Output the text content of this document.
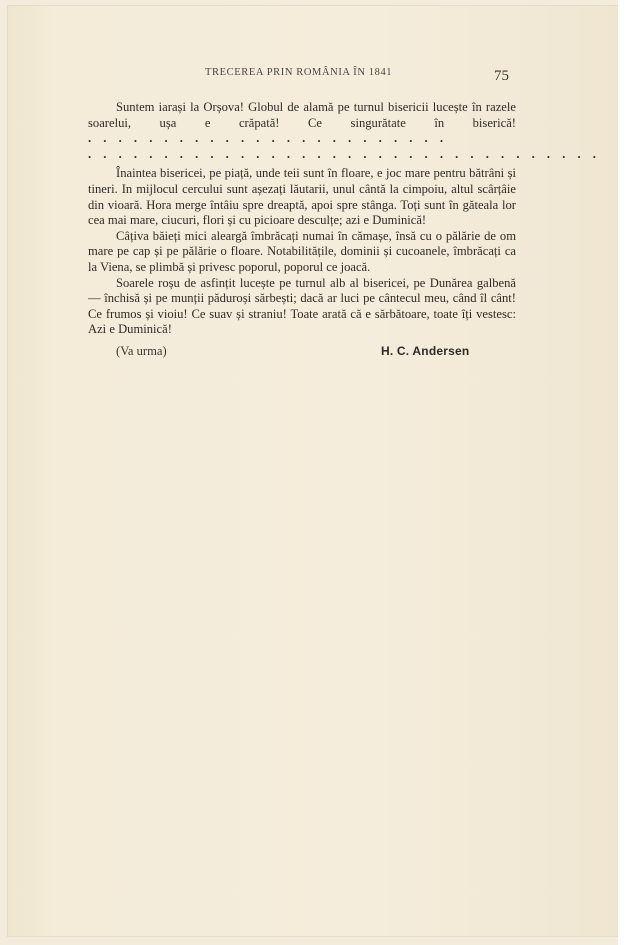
TRECEREA PRIN ROMÂNIA ÎN 1841	75

Suntem iarași la Orșova! Globul de alamă pe turnul bisericii lucește în razele soarelui, ușa e crăpată! Ce singurătate în biserică! . . . . . . . . . . . . . . . . . . . . . . . .

. . . . . . . . . . . . . . . . . . . . . . . . . . . . . . . . . .

Înaintea bisericei, pe piață, unde teii sunt în floare, e joc mare pentru bătrâni și tineri. In mijlocul cercului sunt așezați lăutarii, unul cântă la cimpoiu, altul scârțâie din vioară. Hora merge întâiu spre dreaptă, apoi spre stânga. Toți sunt în găteala lor cea mai mare, ciucuri, flori și cu picioare desculțe; azi e Duminică!

Câțiva băieți mici aleargă îmbrăcați numai în cămașe, însă cu o pălărie de om mare pe cap și pe pălărie o floare. Notabilitățile, dominii și cucoanele, îmbrăcați ca la Viena, se plimbă și privesc poporul, poporul ce joacă.

Soarele roșu de asfințit lucește pe turnul alb al bisericei, pe Dunărea galbenă — închisă și pe munții păduroși sărbești; dacă ar luci pe cântecul meu, când îl cânt! Ce frumos și vioiu! Ce suav și straniu! Toate arată că e sărbătoare, toate îți vestesc: Azi e Duminică!

(Va urma)	H. C. Andersen
